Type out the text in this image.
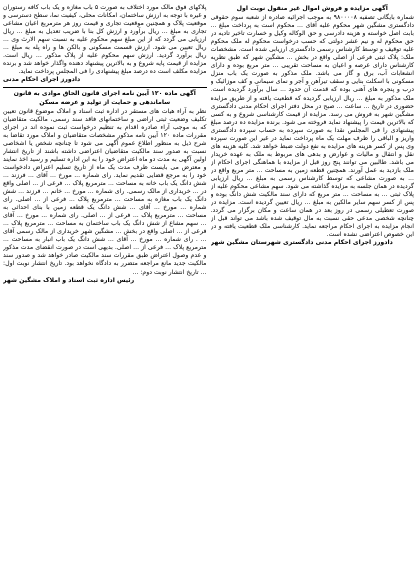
آگهی مزایده و فروش اموال غیر منقول نوبت اول
شماره بایگانی تصفیه ۹۸۰۰۰۰۸ به موجب اجرائیه صادره از شعبه سوم حقوقی دادگستری مشگین شهر محکوم علیه آقای ... محکوم است به پرداخت مبلغ ... بابت اصل خواسته و هزینه دادرسی و حق الوکاله وکیل و خسارت تاخیر تادیه در حق محکوم له و نیم عشر دولتی که حسب درخواست محکوم له ملک محکوم علیه توقیف و توسط کارشناس رسمی دادگستری ارزیابی شده است. مشخصات ملک: پلاک ثبتی فرعی از اصلی واقع در بخش ... مشگین شهر که طبق نظریه کارشناس دارای عرصه و اعیان به مساحت تقریبی ... متر مربع بوده و دارای انشعابات آب، برق و گاز می باشد. ملک مذکور به صورت یک باب منزل مسکونی با اسکلت بنایی و سقف تیرآهن و آجر و نمای سیمانی و کف موزائیک و درب و پنجره های آهنی بوده که قدمت آن حدود ... سال برآورد گردیده است. ملک مذکور به مبلغ ... ریال ارزیابی گردیده که قطعیت یافته و از طریق مزایده حضوری در تاریخ ... ساعت ... صبح در محل دفتر اجرای احکام مدنی دادگستری مشگین شهر به فروش می رسد. مزایده از قیمت کارشناسی شروع و به کسی که بالاترین قیمت را پیشنهاد نماید فروخته می شود. برنده مزایده ده درصد مبلغ پیشنهادی را فی المجلس نقدا به صورت سپرده به حساب سپرده دادگستری واریز و الباقی را ظرف مهلت یک ماه پرداخت نماید در غیر این صورت سپرده وی پس از کسر هزینه های مزایده به نفع دولت ضبط خواهد شد. کلیه هزینه های نقل و انتقال و مالیات و عوارض و بدهی های مربوط به ملک به عهده خریدار می باشد. طالبین می توانند پنج روز قبل از مزایده با هماهنگی اجرای احکام از ملک بازدید به عمل آورند. همچنین قطعه زمین به مساحت ... متر مربع واقع در ... به صورت مشاعی که توسط کارشناس رسمی به مبلغ ... ریال ارزیابی گردیده در همان جلسه به مزایده گذاشته می شود. سهم مشاعی محکوم علیه از پلاک ثبتی ... به مساحت ... متر مربع که دارای سند مالکیت شش دانگ بوده و پس از کسر سهم سایر مالکین به مبلغ ... ریال تعیین گردیده است. مزایده در صورت تعطیلی رسمی در روز بعد در همان ساعت و مکان برگزار می گردد. چنانچه شخصی مدعی حقی نسبت به مال توقیف شده باشد می تواند قبل از انجام مزایده به اجرای احکام مراجعه نماید. کارشناسی ملک قطعیت یافته و در این خصوص اعتراضی نشده است.
دادورز اجرای احکام مدنی دادگستری شهرستان مشگین شهر
پلاکهای فوق مالک مورد اختلاف به صورت ۵ باب مغازه و یک باب کافه رستوران و غیره با توجه به ارزش ساختمان، امکانات محلی، کیفیت نما، سطح دسترسی و موقعیت پلاک و همچنین موقعیت تجاری و قیمت روز هر مترمربع اعیان مشاعی تجاری به مبلغ ... ریال برآورد و ارزش کل بنا با ضریب تعدیل به مبلغ ... ریال ارزیابی می گردد که از این مبلغ سهم محکوم علیه به نسبت سهم الارث وی ... ریال تعیین می شود. ارزش قسمت مسکونی و بالکن ها و راه پله به مبلغ ... ریال برآورد گردید. ارزش سهم محکوم علیه از پلاک مذکور ... ریال است. مزایده از قیمت پایه شروع و به بالاترین پیشنهاد دهنده واگذار خواهد شد و برنده مزایده مکلف است ده درصد مبلغ پیشنهادی را فی المجلس پرداخت نماید.
دادورز اجرای احکام مدنی
آگهی ماده ۱۲۰ آیین نامه اجرای قانون الحاق موادی به قانون ساماندهی و حمایت از تولید و عرضه مسکن
نظر به آراء هیات های مستقر در اداره ثبت اسناد و املاک موضوع قانون تعیین تکلیف وضعیت ثبتی اراضی و ساختمانهای فاقد سند رسمی، مالکیت متقاضیان که به موجب آراء صادره اقدام به تنظیم درخواست ثبت نموده اند در اجرای مقررات ماده ۱۲۰ آیین نامه مذکور مشخصات متقاضیان و املاک مورد تقاضا به شرح ذیل به منظور اطلاع عموم آگهی می شود تا چنانچه شخص یا اشخاصی نسبت به صدور سند مالکیت متقاضیان اعتراضی داشته باشند از تاریخ انتشار اولین آگهی به مدت دو ماه اعتراض خود را به این اداره تسلیم و رسید اخذ نمایند و معترض می بایست ظرف مدت یک ماه از تاریخ تسلیم اعتراض دادخواست خود را به مرجع قضایی تقدیم نماید. رای شماره ... مورخ ... آقای ... فرزند ... شش دانگ یک باب خانه به مساحت ... مترمربع پلاک ... فرعی از ... اصلی واقع در ... خریداری از مالک رسمی. رای شماره ... مورخ ... خانم ... فرزند ... شش دانگ یک باب مغازه به مساحت ... مترمربع پلاک ... فرعی از ... اصلی. رای شماره ... مورخ ... آقای ... شش دانگ یک قطعه زمین با بنای احداثی به مساحت ... مترمربع پلاک ... فرعی از ... اصلی. رای شماره ... مورخ ... آقای ... سهم مشاع از شش دانگ یک باب ساختمان به مساحت ... مترمربع پلاک ... فرعی از ... اصلی واقع در بخش ... مشگین شهر خریداری از مالک رسمی آقای ... . رای شماره ... مورخ ... آقای ... شش دانگ یک باب انبار به مساحت ... مترمربع پلاک ... فرعی از ... اصلی. بدیهی است در صورت انقضای مدت مذکور و عدم وصول اعتراض طبق مقررات سند مالکیت صادر خواهد شد و صدور سند مالکیت جدید مانع مراجعه متضرر به دادگاه نخواهد بود. تاریخ انتشار نوبت اول: ... تاریخ انتشار نوبت دوم: ...
رئیس اداره ثبت اسناد و املاک مشگین شهر
